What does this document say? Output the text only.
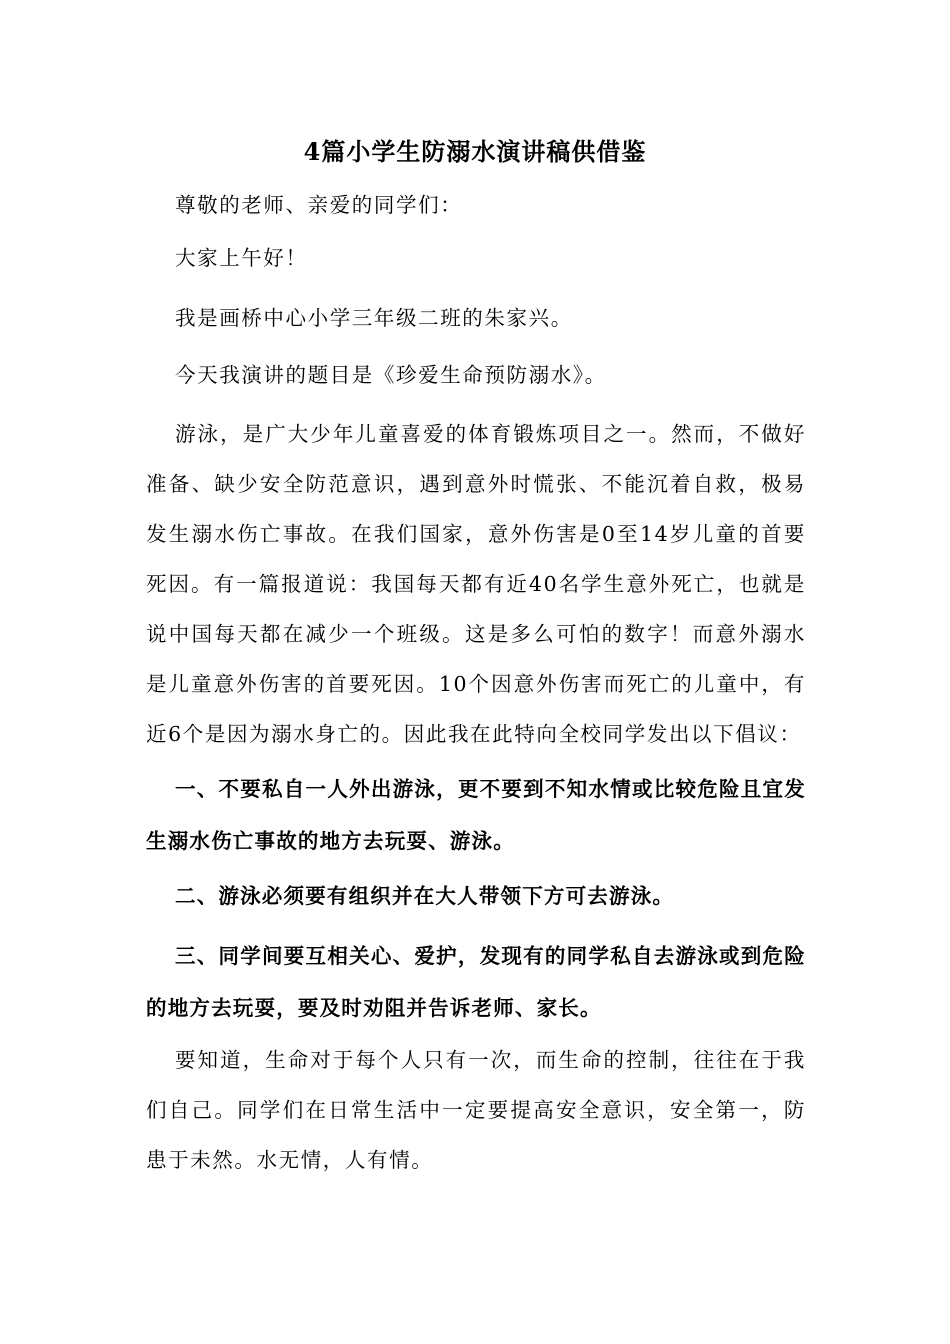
4篇小学生防溺水演讲稿供借鉴

尊敬的老师、亲爱的同学们：

大家上午好！

我是画桥中心小学三年级二班的朱家兴。

今天我演讲的题目是《珍爱生命预防溺水》。

游泳，是广大少年儿童喜爱的体育锻炼项目之一。然而，不做好准备、缺少安全防范意识，遇到意外时慌张、不能沉着自救，极易发生溺水伤亡事故。在我们国家，意外伤害是0至14岁儿童的首要死因。有一篇报道说：我国每天都有近40名学生意外死亡，也就是说中国每天都在减少一个班级。这是多么可怕的数字！而意外溺水是儿童意外伤害的首要死因。10个因意外伤害而死亡的儿童中，有近6个是因为溺水身亡的。因此我在此特向全校同学发出以下倡议：

一、不要私自一人外出游泳，更不要到不知水情或比较危险且宜发生溺水伤亡事故的地方去玩耍、游泳。

二、游泳必须要有组织并在大人带领下方可去游泳。

三、同学间要互相关心、爱护，发现有的同学私自去游泳或到危险的地方去玩耍，要及时劝阻并告诉老师、家长。

要知道，生命对于每个人只有一次，而生命的控制，往往在于我们自己。同学们在日常生活中一定要提高安全意识，安全第一，防患于未然。水无情，人有情。
